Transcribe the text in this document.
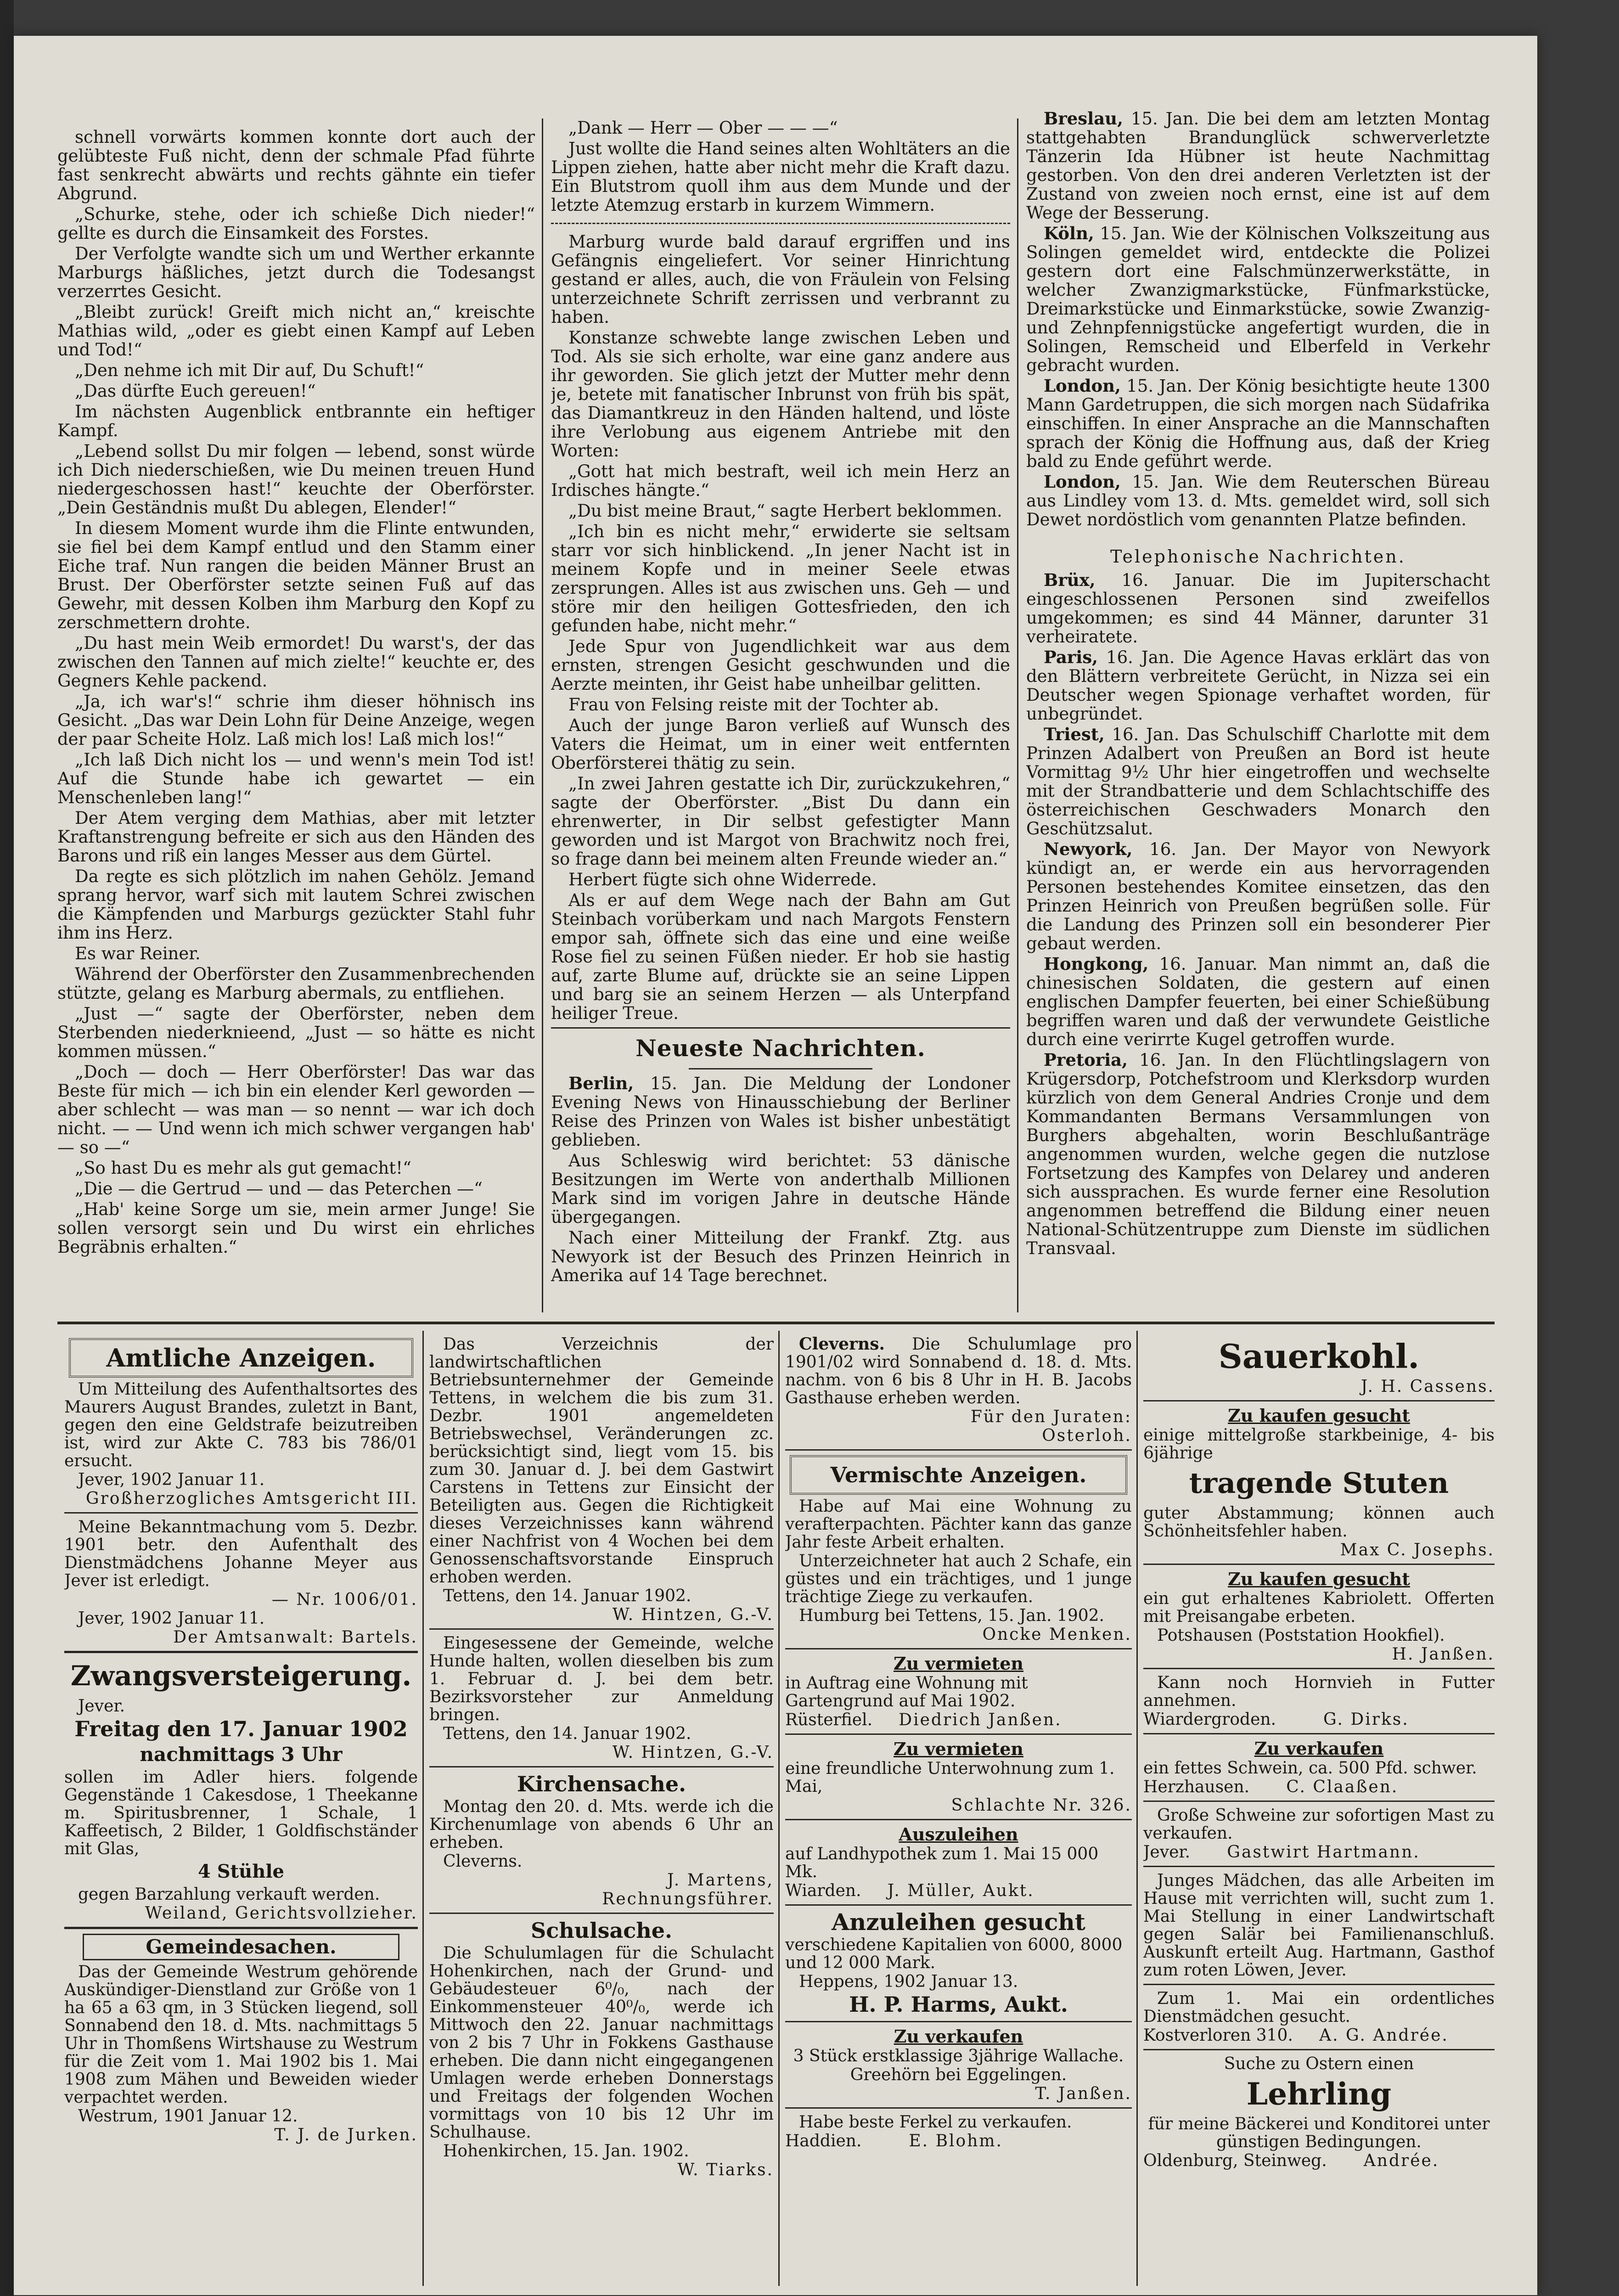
schnell vorwärts kommen konnte dort auch der gelübteste Fuß nicht, denn der schmale Pfad führte fast senkrecht abwärts und rechts gähnte ein tiefer Abgrund.

„Schurke, stehe, oder ich schieße Dich nieder!“ gellte es durch die Einsamkeit des Forstes.

Der Verfolgte wandte sich um und Werther erkannte Marburgs häßliches, jetzt durch die Todesangst verzerrtes Gesicht.

„Bleibt zurück! Greift mich nicht an,“ kreischte Mathias wild, „oder es giebt einen Kampf auf Leben und Tod!“

„Den nehme ich mit Dir auf, Du Schuft!“

„Das dürfte Euch gereuen!“

Im nächsten Augenblick entbrannte ein heftiger Kampf.

„Lebend sollst Du mir folgen — lebend, sonst würde ich Dich niederschießen, wie Du meinen treuen Hund niedergeschossen hast!“ keuchte der Oberförster. „Dein Geständnis mußt Du ablegen, Elender!“

In diesem Moment wurde ihm die Flinte entwunden, sie fiel bei dem Kampf entlud und den Stamm einer Eiche traf. Nun rangen die beiden Männer Brust an Brust. Der Oberförster setzte seinen Fuß auf das Gewehr, mit dessen Kolben ihm Marburg den Kopf zu zerschmettern drohte.

„Du hast mein Weib ermordet! Du warst's, der das zwischen den Tannen auf mich zielte!“ keuchte er, des Gegners Kehle packend.

„Ja, ich war's!“ schrie ihm dieser höhnisch ins Gesicht. „Das war Dein Lohn für Deine Anzeige, wegen der paar Scheite Holz. Laß mich los! Laß mich los!“

„Ich laß Dich nicht los — und wenn's mein Tod ist! Auf die Stunde habe ich gewartet — ein Menschenleben lang!“

Der Atem verging dem Mathias, aber mit letzter Kraftanstrengung befreite er sich aus den Händen des Barons und riß ein langes Messer aus dem Gürtel.

Da regte es sich plötzlich im nahen Gehölz. Jemand sprang hervor, warf sich mit lautem Schrei zwischen die Kämpfenden und Marburgs gezückter Stahl fuhr ihm ins Herz.

Es war Reiner.

Während der Oberförster den Zusammenbrechenden stützte, gelang es Marburg abermals, zu entfliehen.

„Just —“ sagte der Oberförster, neben dem Sterbenden niederknieend, „Just — so hätte es nicht kommen müssen.“

„Doch — doch — Herr Oberförster! Das war das Beste für mich — ich bin ein elender Kerl geworden — aber schlecht — was man — so nennt — war ich doch nicht. — — Und wenn ich mich schwer vergangen hab' — so —“

„So hast Du es mehr als gut gemacht!“

„Die — die Gertrud — und — das Peterchen —“

„Hab' keine Sorge um sie, mein armer Junge! Sie sollen versorgt sein und Du wirst ein ehrliches Begräbnis erhalten.“

„Dank — Herr — Ober — — —“

Just wollte die Hand seines alten Wohltäters an die Lippen ziehen, hatte aber nicht mehr die Kraft dazu. Ein Blutstrom quoll ihm aus dem Munde und der letzte Atemzug erstarb in kurzem Wimmern.

Marburg wurde bald darauf ergriffen und ins Gefängnis eingeliefert. Vor seiner Hinrichtung gestand er alles, auch, die von Fräulein von Felsing unterzeichnete Schrift zerrissen und verbrannt zu haben.

Konstanze schwebte lange zwischen Leben und Tod. Als sie sich erholte, war eine ganz andere aus ihr geworden. Sie glich jetzt der Mutter mehr denn je, betete mit fanatischer Inbrunst von früh bis spät, das Diamantkreuz in den Händen haltend, und löste ihre Verlobung aus eigenem Antriebe mit den Worten:

„Gott hat mich bestraft, weil ich mein Herz an Irdisches hängte.“

„Du bist meine Braut,“ sagte Herbert beklommen.

„Ich bin es nicht mehr,“ erwiderte sie seltsam starr vor sich hinblickend. „In jener Nacht ist in meinem Kopfe und in meiner Seele etwas zersprungen. Alles ist aus zwischen uns. Geh — und störe mir den heiligen Gottesfrieden, den ich gefunden habe, nicht mehr.“

Jede Spur von Jugendlichkeit war aus dem ernsten, strengen Gesicht geschwunden und die Aerzte meinten, ihr Geist habe unheilbar gelitten.

Frau von Felsing reiste mit der Tochter ab.

Auch der junge Baron verließ auf Wunsch des Vaters die Heimat, um in einer weit entfernten Oberförsterei thätig zu sein.

„In zwei Jahren gestatte ich Dir, zurückzukehren,“ sagte der Oberförster. „Bist Du dann ein ehrenwerter, in Dir selbst gefestigter Mann geworden und ist Margot von Brachwitz noch frei, so frage dann bei meinem alten Freunde wieder an.“

Herbert fügte sich ohne Widerrede.

Als er auf dem Wege nach der Bahn am Gut Steinbach vorüberkam und nach Margots Fenstern empor sah, öffnete sich das eine und eine weiße Rose fiel zu seinen Füßen nieder. Er hob sie hastig auf, zarte Blume auf, drückte sie an seine Lippen und barg sie an seinem Herzen — als Unterpfand heiliger Treue.

Neueste Nachrichten.

Berlin, 15. Jan. Die Meldung der Londoner Evening News von Hinausschiebung der Berliner Reise des Prinzen von Wales ist bisher unbestätigt geblieben.

Aus Schleswig wird berichtet: 53 dänische Besitzungen im Werte von anderthalb Millionen Mark sind im vorigen Jahre in deutsche Hände übergegangen.

Nach einer Mitteilung der Frankf. Ztg. aus Newyork ist der Besuch des Prinzen Heinrich in Amerika auf 14 Tage berechnet.

Breslau, 15. Jan. Die bei dem am letzten Montag stattgehabten Brandunglück schwerverletzte Tänzerin Ida Hübner ist heute Nachmittag gestorben. Von den drei anderen Verletzten ist der Zustand von zweien noch ernst, eine ist auf dem Wege der Besserung.

Köln, 15. Jan. Wie der Kölnischen Volkszeitung aus Solingen gemeldet wird, entdeckte die Polizei gestern dort eine Falschmünzerwerkstätte, in welcher Zwanzigmarkstücke, Fünfmarkstücke, Dreimarkstücke und Einmarkstücke, sowie Zwanzig- und Zehnpfennigstücke angefertigt wurden, die in Solingen, Remscheid und Elberfeld in Verkehr gebracht wurden.

London, 15. Jan. Der König besichtigte heute 1300 Mann Gardetruppen, die sich morgen nach Südafrika einschiffen. In einer Ansprache an die Mannschaften sprach der König die Hoffnung aus, daß der Krieg bald zu Ende geführt werde.

London, 15. Jan. Wie dem Reuterschen Büreau aus Lindley vom 13. d. Mts. gemeldet wird, soll sich Dewet nordöstlich vom genannten Platze befinden.

Telephonische Nachrichten.

Brüx, 16. Januar. Die im Jupiterschacht eingeschlossenen Personen sind zweifellos umgekommen; es sind 44 Männer, darunter 31 verheiratete.

Paris, 16. Jan. Die Agence Havas erklärt das von den Blättern verbreitete Gerücht, in Nizza sei ein Deutscher wegen Spionage verhaftet worden, für unbegründet.

Triest, 16. Jan. Das Schulschiff Charlotte mit dem Prinzen Adalbert von Preußen an Bord ist heute Vormittag 9½ Uhr hier eingetroffen und wechselte mit der Strandbatterie und dem Schlachtschiffe des österreichischen Geschwaders Monarch den Geschützsalut.

Newyork, 16. Jan. Der Mayor von Newyork kündigt an, er werde ein aus hervorragenden Personen bestehendes Komitee einsetzen, das den Prinzen Heinrich von Preußen begrüßen solle. Für die Landung des Prinzen soll ein besonderer Pier gebaut werden.

Hongkong, 16. Januar. Man nimmt an, daß die chinesischen Soldaten, die gestern auf einen englischen Dampfer feuerten, bei einer Schießübung begriffen waren und daß der verwundete Geistliche durch eine verirrte Kugel getroffen wurde.

Pretoria, 16. Jan. In den Flüchtlingslagern von Krügersdorp, Potchefstroom und Klerksdorp wurden kürzlich von dem General Andries Cronje und dem Kommandanten Bermans Versammlungen von Burghers abgehalten, worin Beschlußanträge angenommen wurden, welche gegen die nutzlose Fortsetzung des Kampfes von Delarey und anderen sich aussprachen. Es wurde ferner eine Resolution angenommen betreffend die Bildung einer neuen National-Schützentruppe zum Dienste im südlichen Transvaal.

Amtliche Anzeigen.

Um Mitteilung des Aufenthaltsortes des Maurers August Brandes, zuletzt in Bant, gegen den eine Geldstrafe beizutreiben ist, wird zur Akte C. 783 bis 786/01 ersucht.

Jever, 1902 Januar 11.

Großherzogliches Amtsgericht III.

Meine Bekanntmachung vom 5. Dezbr. 1901 betr. den Aufenthalt des Dienstmädchens Johanne Meyer aus Jever ist erledigt.

— Nr. 1006/01.

Jever, 1902 Januar 11.

Der Amtsanwalt: Bartels.

Zwangsversteigerung.

Jever.

Freitag den 17. Januar 1902
nachmittags 3 Uhr

sollen im Adler hiers. folgende Gegenstände 1 Cakesdose, 1 Theekanne m. Spiritusbrenner, 1 Schale, 1 Kaffeetisch, 2 Bilder, 1 Goldfischständer mit Glas,

4 Stühle

gegen Barzahlung verkauft werden.

Weiland, Gerichtsvollzieher.

Gemeindesachen.

Das der Gemeinde Westrum gehörende Auskündiger-Dienstland zur Größe von 1 ha 65 a 63 qm, in 3 Stücken liegend, soll Sonnabend den 18. d. Mts. nachmittags 5 Uhr in Thomßens Wirtshause zu Westrum für die Zeit vom 1. Mai 1902 bis 1. Mai 1908 zum Mähen und Beweiden wieder verpachtet werden.

Westrum, 1901 Januar 12.

T. J. de Jurken.

Das Verzeichnis der landwirtschaftlichen Betriebsunternehmer der Gemeinde Tettens, in welchem die bis zum 31. Dezbr. 1901 angemeldeten Betriebswechsel, Veränderungen zc. berücksichtigt sind, liegt vom 15. bis zum 30. Januar d. J. bei dem Gastwirt Carstens in Tettens zur Einsicht der Beteiligten aus. Gegen die Richtigkeit dieses Verzeichnisses kann während einer Nachfrist von 4 Wochen bei dem Genossenschaftsvorstande Einspruch erhoben werden.

Tettens, den 14. Januar 1902.

W. Hintzen, G.-V.

Eingesessene der Gemeinde, welche Hunde halten, wollen dieselben bis zum 1. Februar d. J. bei dem betr. Bezirksvorsteher zur Anmeldung bringen.

Tettens, den 14. Januar 1902.

W. Hintzen, G.-V.

Kirchensache.

Montag den 20. d. Mts. werde ich die Kirchenumlage von abends 6 Uhr an erheben.

Cleverns.

J. Martens,

Rechnungsführer.

Schulsache.

Die Schulumlagen für die Schulacht Hohenkirchen, nach der Grund- und Gebäudesteuer 6⁰/₀, nach der Einkommensteuer 40⁰/₀, werde ich Mittwoch den 22. Januar nachmittags von 2 bis 7 Uhr in Fokkens Gasthause erheben. Die dann nicht eingegangenen Umlagen werde erheben Donnerstags und Freitags der folgenden Wochen vormittags von 10 bis 12 Uhr im Schulhause.

Hohenkirchen, 15. Jan. 1902.

W. Tiarks.

Cleverns. Die Schulumlage pro 1901/02 wird Sonnabend d. 18. d. Mts. nachm. von 6 bis 8 Uhr in H. B. Jacobs Gasthause erheben werden.

Für den Juraten:

Osterloh.

Vermischte Anzeigen.

Habe auf Mai eine Wohnung zu verafterpachten. Pächter kann das ganze Jahr feste Arbeit erhalten.

Unterzeichneter hat auch 2 Schafe, ein güstes und ein trächtiges, und 1 junge trächtige Ziege zu verkaufen.

Humburg bei Tettens, 15. Jan. 1902.

Oncke Menken.

Zu vermieten

in Auftrag eine Wohnung mit Gartengrund auf Mai 1902.

Rüsterfiel. Diedrich Janßen.

Zu vermieten

eine freundliche Unterwohnung zum 1. Mai,

Schlachte Nr. 326.

Auszuleihen

auf Landhypothek zum 1. Mai 15 000 Mk.

Wiarden. J. Müller, Aukt.

Anzuleihen gesucht

verschiedene Kapitalien von 6000, 8000 und 12 000 Mark.

Heppens, 1902 Januar 13.

H. P. Harms, Aukt.
Zu verkaufen

3 Stück erstklassige 3jährige Wallache.

Greehörn bei Eggelingen.

T. Janßen.

Habe beste Ferkel zu verkaufen.

Haddien.	E. Blohm.

Sauerkohl.

J. H. Cassens.

Zu kaufen gesucht

einige mittelgroße starkbeinige, 4- bis 6jährige

tragende Stuten

guter Abstammung; können auch Schönheitsfehler haben.

Max C. Josephs.

Zu kaufen gesucht

ein gut erhaltenes Kabriolett. Offerten mit Preisangabe erbeten.

Potshausen (Poststation Hookfiel).

H. Janßen.

Kann noch Hornvieh in Futter annehmen.

Wiardergroden.	G. Dirks.

Zu verkaufen

ein fettes Schwein, ca. 500 Pfd. schwer.

Herzhausen. C. Claaßen.

Große Schweine zur sofortigen Mast zu verkaufen.

Jever. Gastwirt Hartmann.

Junges Mädchen, das alle Arbeiten im Hause mit verrichten will, sucht zum 1. Mai Stellung in einer Landwirtschaft gegen Salär bei Familienanschluß. Auskunft erteilt Aug. Hartmann, Gasthof zum roten Löwen, Jever.

Zum 1. Mai ein ordentliches Dienstmädchen gesucht.

Kostverloren 310. A. G. Andrée.

Suche zu Ostern einen

Lehrling

für meine Bäckerei und Konditorei unter günstigen Bedingungen.

Oldenburg, Steinweg. Andrée.
